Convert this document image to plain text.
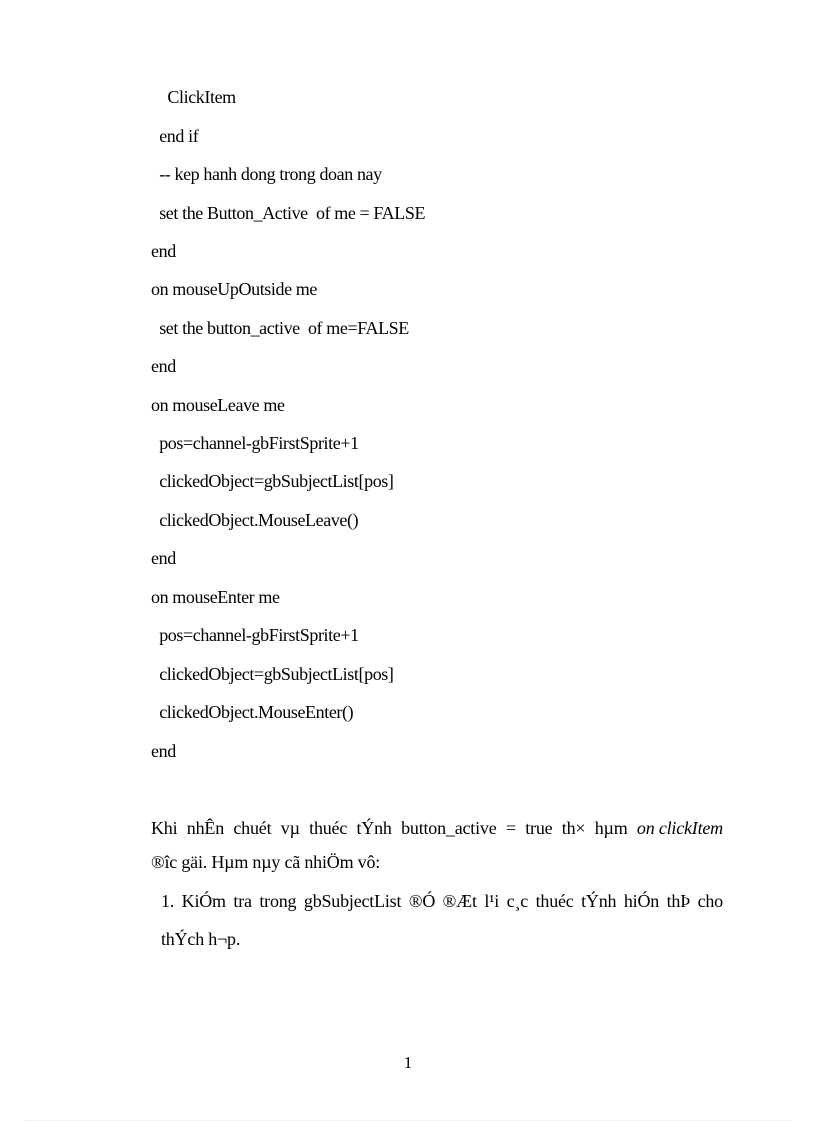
ClickItem
end if
-- kep hanh dong trong doan nay
set the Button_Active  of me = FALSE
end
on mouseUpOutside me
set the button_active  of me=FALSE
end
on mouseLeave me
pos=channel-gbFirstSprite+1
clickedObject=gbSubjectList[pos]
clickedObject.MouseLeave()
end
on mouseEnter me
pos=channel-gbFirstSprite+1
clickedObject=gbSubjectList[pos]
clickedObject.MouseEnter()
end
Khi nhÊn chuét vµ thuéc tÝnh button_active = true th× hµm on clickItem
®îc gäi. Hµm nµy cã nhiÖm vô:
1. KiÓm tra trong gbSubjectList ®Ó ®Æt l¹i c¸c thuéc tÝnh hiÓn thÞ cho
thÝch h¬p.
1
